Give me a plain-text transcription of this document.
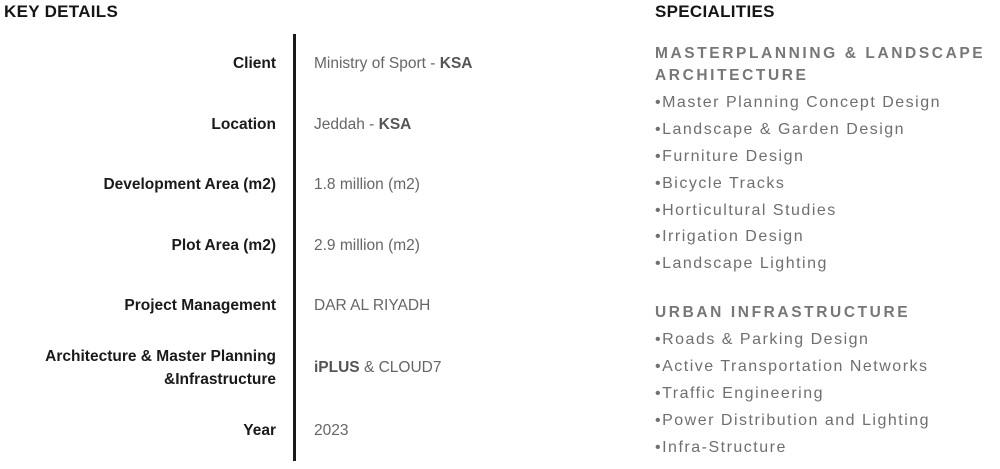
KEY DETAILS	SPECIALITIES
Client Ministry of Sport - KSA
Location Jeddah - KSA
Development Area (m2) 1.8 million (m2)
Plot Area (m2) 2.9 million (m2)
Project Management DAR AL RIYADH
Architecture & Master Planning
&Infrastructure
iPLUS & CLOUD7
Year 2023
MASTERPLANNING & LANDSCAPE
ARCHITECTURE
•Master Planning Concept Design
•Landscape & Garden Design
•Furniture Design
•Bicycle Tracks
•Horticultural Studies
•Irrigation Design
•Landscape Lighting
URBAN INFRASTRUCTURE
•Roads & Parking Design
•Active Transportation Networks
•Traffic Engineering
•Power Distribution and Lighting
•Infra-Structure
